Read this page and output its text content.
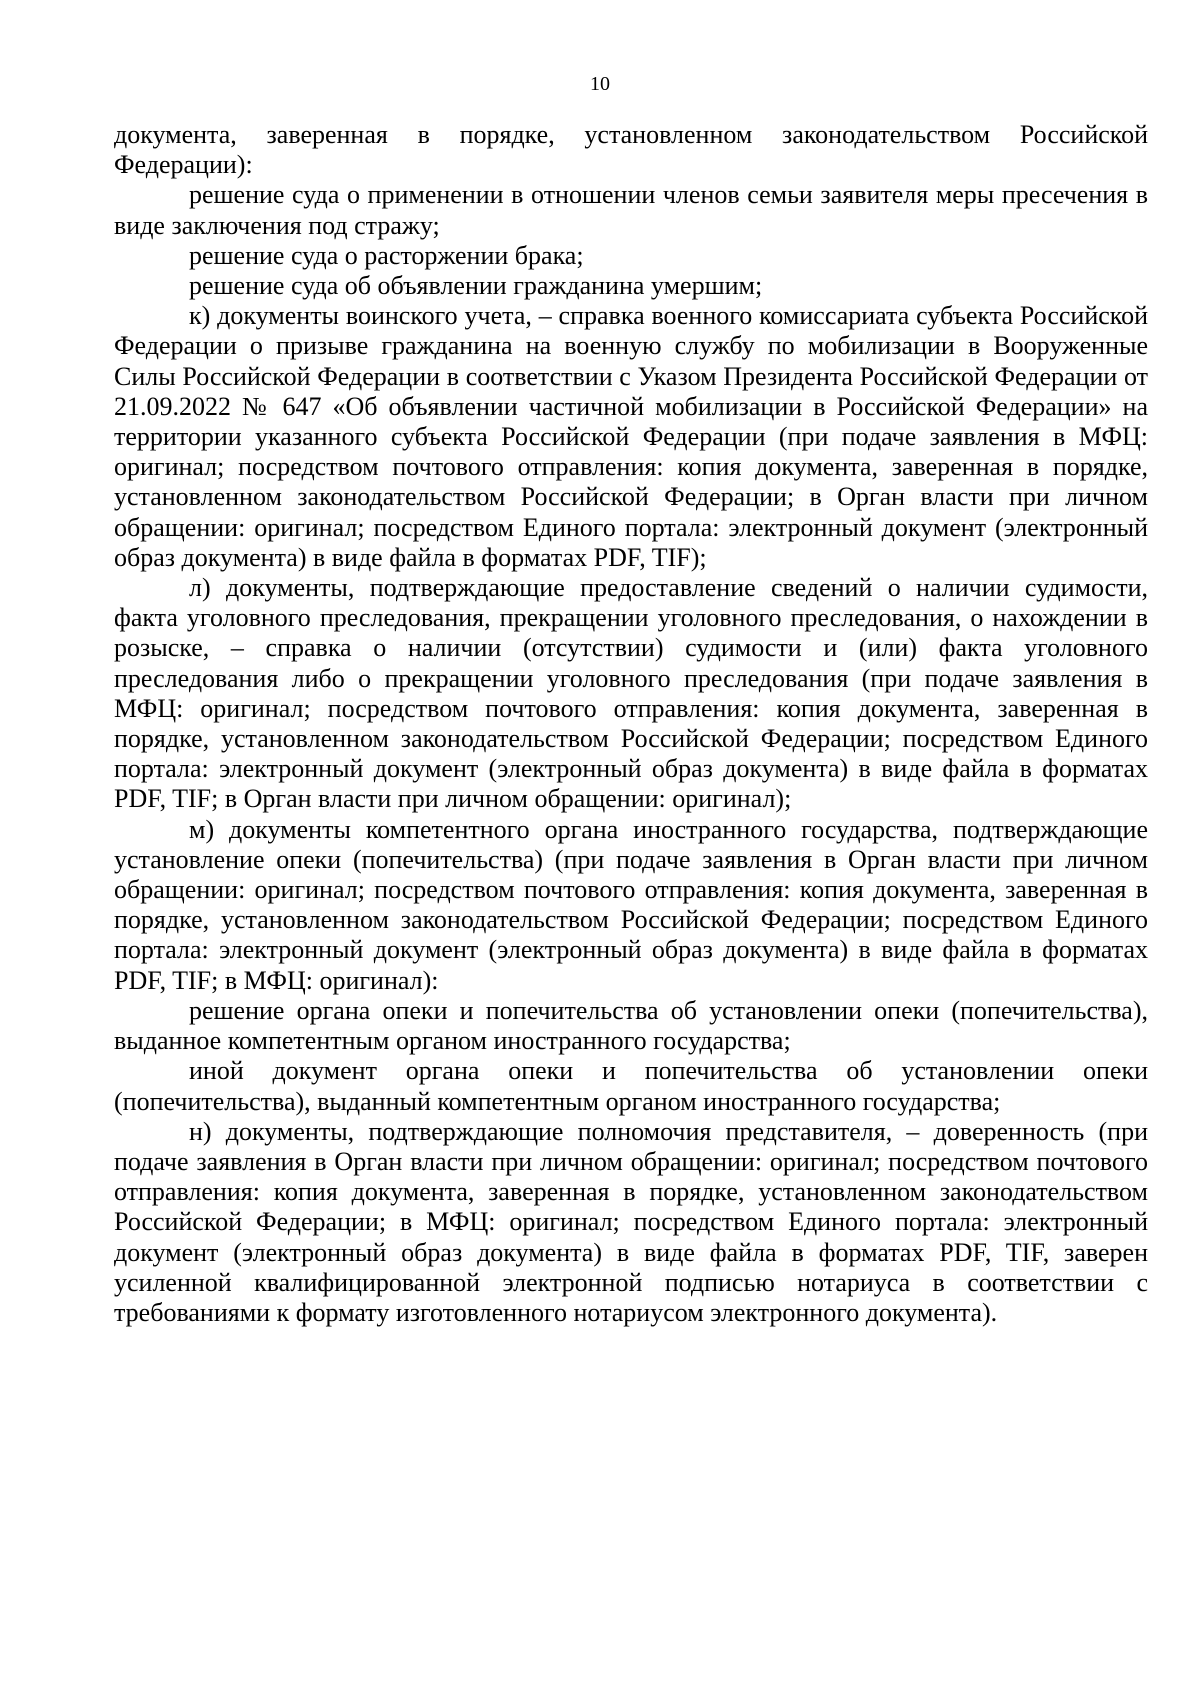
10

документа, заверенная в порядке, установленном законодательством Российской Федерации):

решение суда о применении в отношении членов семьи заявителя меры пресечения в виде заключения под стражу;

решение суда о расторжении брака;

решение суда об объявлении гражданина умершим;

к) документы воинского учета, – справка военного комиссариата субъекта Российской Федерации о призыве гражданина на военную службу по мобилизации в Вооруженные Силы Российской Федерации в соответствии с Указом Президента Российской Федерации от 21.09.2022 № 647 «Об объявлении частичной мобилизации в Российской Федерации» на территории указанного субъекта Российской Федерации (при подаче заявления в МФЦ: оригинал; посредством почтового отправления: копия документа, заверенная в порядке, установленном законодательством Российской Федерации; в Орган власти при личном обращении: оригинал; посредством Единого портала: электронный документ (электронный образ документа) в виде файла в форматах PDF, TIF);

л) документы, подтверждающие предоставление сведений о наличии судимости, факта уголовного преследования, прекращении уголовного преследования, о нахождении в розыске, – справка о наличии (отсутствии) судимости и (или) факта уголовного преследования либо о прекращении уголовного преследования (при подаче заявления в МФЦ: оригинал; посредством почтового отправления: копия документа, заверенная в порядке, установленном законодательством Российской Федерации; посредством Единого портала: электронный документ (электронный образ документа) в виде файла в форматах PDF, TIF; в Орган власти при личном обращении: оригинал);

м) документы компетентного органа иностранного государства, подтверждающие установление опеки (попечительства) (при подаче заявления в Орган власти при личном обращении: оригинал; посредством почтового отправления: копия документа, заверенная в порядке, установленном законодательством Российской Федерации; посредством Единого портала: электронный документ (электронный образ документа) в виде файла в форматах PDF, TIF; в МФЦ: оригинал):

решение органа опеки и попечительства об установлении опеки (попечительства), выданное компетентным органом иностранного государства;

иной документ органа опеки и попечительства об установлении опеки (попечительства), выданный компетентным органом иностранного государства;

н) документы, подтверждающие полномочия представителя, – доверенность (при подаче заявления в Орган власти при личном обращении: оригинал; посредством почтового отправления: копия документа, заверенная в порядке, установленном законодательством Российской Федерации; в МФЦ: оригинал; посредством Единого портала: электронный документ (электронный образ документа) в виде файла в форматах PDF, TIF, заверен усиленной квалифицированной электронной подписью нотариуса в соответствии с требованиями к формату изготовленного нотариусом электронного документа).
